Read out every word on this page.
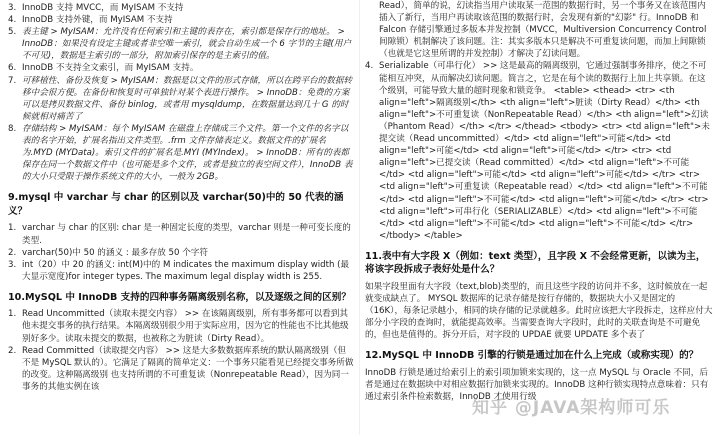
3. InnoDB 支持 MVCC，而 MyISAM 不支持
4. InnoDB 支持外键，而 MyISAM 不支持
5. 表主键 > MyISAM：允许没有任何索引和主键的表存在，索引都是保存行的地址。 > InnoDB：如果没有设定主键或者非空唯一索引，就会自动生成一个 6 字节的主键(用户不可见)，数据是主索引的一部分，附加索引保存的是主索引的值。
6. InnoDB 不支持全文索引，而 MyISAM 支持。
7. 可移植性、备份及恢复 > MyISAM：数据是以文件的形式存储，所以在跨平台的数据转移中会很方便。在备份和恢复时可单独针对某个表进行操作。 > InnoDB：免费的方案可以是拷贝数据文件、备份 binlog，或者用 mysqldump，在数据量达到几十 G 的时候就相对痛苦了
8. 存储结构 > MyISAM：每个 MyISAM 在磁盘上存储成三个文件。第一个文件的名字以表的名字开始，扩展名指出文件类型。.frm 文件存储表定义。数据文件的扩展名为.MYD (MYData)。索引文件的扩展名是.MYI (MYIndex)。 > InnoDB：所有的表都保存在同一个数据文件中（也可能是多个文件，或者是独立的表空间文件），InnoDB 表的大小只受限于操作系统文件的大小，一般为 2GB。
9.mysql 中 varchar 与 char 的区别以及 varchar(50)中的 50 代表的涵义？
1. varchar 与 char 的区别: char 是一种固定长度的类型，varchar 则是一种可变长度的类型.
2. varchar(50)中 50 的涵义 : 最多存放 50 个字符
3. int（20）中 20 的涵义: int(M)中的 M indicates the maximum display width (最大显示宽度)for integer types. The maximum legal display width is 255.
10.MySQL 中 InnoDB 支持的四种事务隔离级别名称，以及逐级之间的区别？
1. Read Uncommitted（读取未提交内容） >> 在该隔离级别，所有事务都可以看到其他未提交事务的执行结果。本隔离级别很少用于实际应用，因为它的性能也不比其他级别好多少。读取未提交的数据，也被称之为脏读（Dirty Read）。
2. Read Committed（读取提交内容） >> 这是大多数数据库系统的默认隔离级别（但不是 MySQL 默认的）。它满足了隔离的简单定义：一个事务只能看见已经提交事务所做的改变。这种隔离级别 也支持所谓的不可重复读（Nonrepeatable Read），因为同一事务的其他实例在该
Read），简单的说，幻读指当用户读取某一范围的数据行时，另一个事务又在该范围内插入了新行，当用户再读取该范围的数据行时，会发现有新的"幻影" 行。InnoDB 和 Falcon 存储引擎通过多版本并发控制（MVCC，Multiversion Concurrency Control 间隙锁）机制解决了该问题。注：其实多版本只是解决不可重复读问题，而加上间隙锁（也就是它这里所谓的并发控制）才解决了幻读问题。
4. Serializable（可串行化） >> 这是最高的隔离级别，它通过强制事务排序，使之不可能相互冲突，从而解决幻读问题。简言之，它是在每个读的数据行上加上共享锁。在这个级别，可能导致大量的超时现象和锁竞争。 <table> <thead> <tr> <th align="left">隔离级别</th> <th align="left">脏读（Dirty Read）</th> <th align="left">不可重复读（NonRepeatable Read）</th> <th align="left">幻读（Phantom Read）</th> </tr> </thead> <tbody> <tr> <td align="left">未提交读（Read uncommitted）</td> <td align="left">可能</td> <td align="left">可能</td> <td align="left">可能</td> </tr> <tr> <td align="left">已提交读（Read committed）</td> <td align="left">不可能</td> <td align="left">可能</td> <td align="left">可能</td> </tr> <tr> <td align="left">可重复读（Repeatable read）</td> <td align="left">不可能</td> <td align="left">不可能</td> <td align="left">可能</td> </tr> <tr> <td align="left">可串行化（SERIALIZABLE）</td> <td align="left">不可能</td> <td align="left">不可能</td> <td align="left">不可能</td> </tr> </tbody> </table>
11.表中有大字段 X（例如：text 类型），且字段 X 不会经常更新，以读为主，将该字段拆成子表好处是什么？
如果字段里面有大字段（text,blob)类型的，而且这些字段的访问并不多，这时候放在一起就变成缺点了。 MYSQL 数据库的记录存储是按行存储的，数据块大小又是固定的（16K），每条记录越小，相同的块存储的记录就越多。此时应该把大字段拆走，这样应付大部分小字段的查询时，就能提高效率。当需要查询大字段时，此时的关联查询是不可避免的，但也是值得的。拆分开后，对字段的 UPDAE 就要 UPDATE 多个表了
12.MySQL 中 InnoDB 引擎的行锁是通过加在什么上完成（或称实现）的？
InnoDB 行锁是通过给索引上的索引项加锁来实现的，这一点 MySQL 与 Oracle 不同，后者是通过在数据块中对相应数据行加锁来实现的。InnoDB 这种行锁实现特点意味着：只有通过索引条件检索数据，InnoDB 才使用行级
知乎 @JAVA架构师可乐
